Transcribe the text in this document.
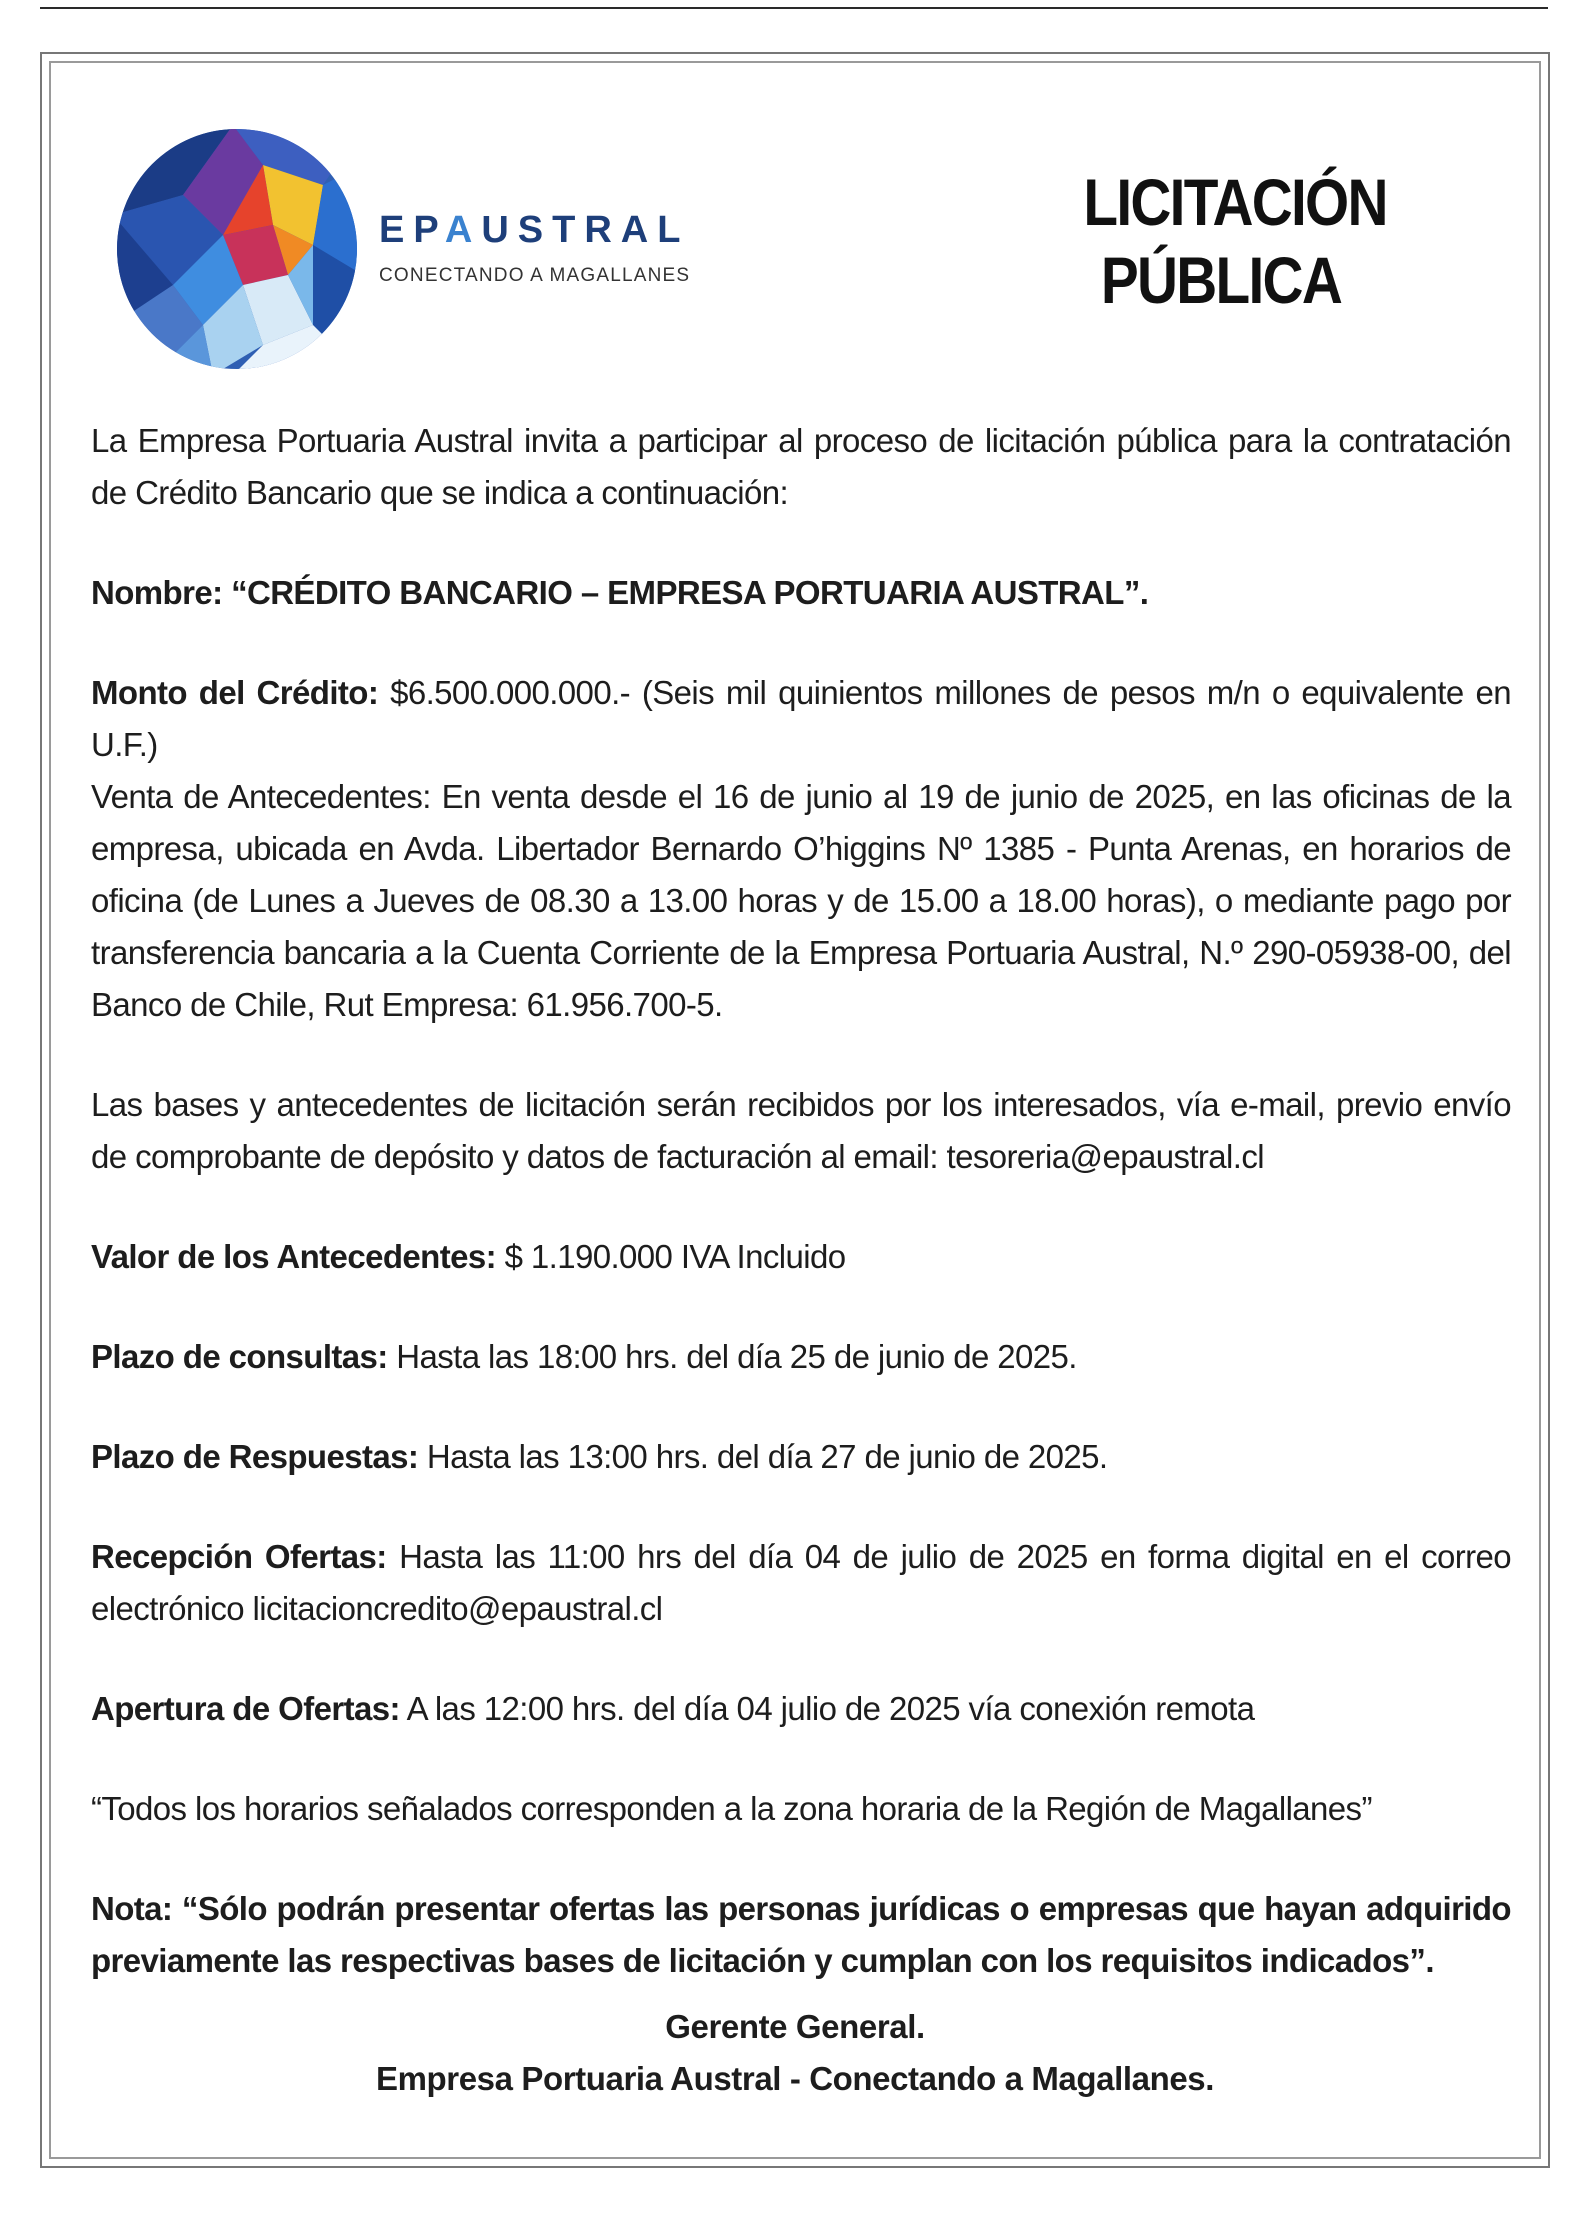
EPAUSTRAL
CONECTANDO A MAGALLANES
LICITACIÓN
PÚBLICA

La Empresa Portuaria Austral invita a participar al proceso de licitación pública para la contratación de Crédito Bancario que se indica a continuación:

Nombre: “CRÉDITO BANCARIO – EMPRESA PORTUARIA AUSTRAL”.

Monto del Crédito: $6.500.000.000.- (Seis mil quinientos millones de pesos m/n o equivalente en U.F.)

Venta de Antecedentes: En venta desde el 16 de junio al 19 de junio de 2025, en las oficinas de la empresa, ubicada en Avda. Libertador Bernardo O’higgins Nº 1385 - Punta Arenas, en horarios de oficina (de Lunes a Jueves de 08.30 a 13.00 horas y de 15.00 a 18.00 horas), o mediante pago por transferencia bancaria a la Cuenta Corriente de la Empresa Portuaria Austral, N.º 290-05938-00, del Banco de Chile, Rut Empresa: 61.956.700-5.

Las bases y antecedentes de licitación serán recibidos por los interesados, vía e-mail, previo envío de comprobante de depósito y datos de facturación al email: tesoreria@epaustral.cl

Valor de los Antecedentes: $ 1.190.000 IVA Incluido

Plazo de consultas: Hasta las 18:00 hrs. del día 25 de junio de 2025.

Plazo de Respuestas: Hasta las 13:00 hrs. del día 27 de junio de 2025.

Recepción Ofertas: Hasta las 11:00 hrs del día 04 de julio de 2025 en forma digital en el correo electrónico licitacioncredito@epaustral.cl

Apertura de Ofertas: A las 12:00 hrs. del día 04 julio de 2025 vía conexión remota

“Todos los horarios señalados corresponden a la zona horaria de la Región de Magallanes”

Nota: “Sólo podrán presentar ofertas las personas jurídicas o empresas que hayan adquirido previamente las respectivas bases de licitación y cumplan con los requisitos indicados”.

Gerente General.
Empresa Portuaria Austral - Conectando a Magallanes.
